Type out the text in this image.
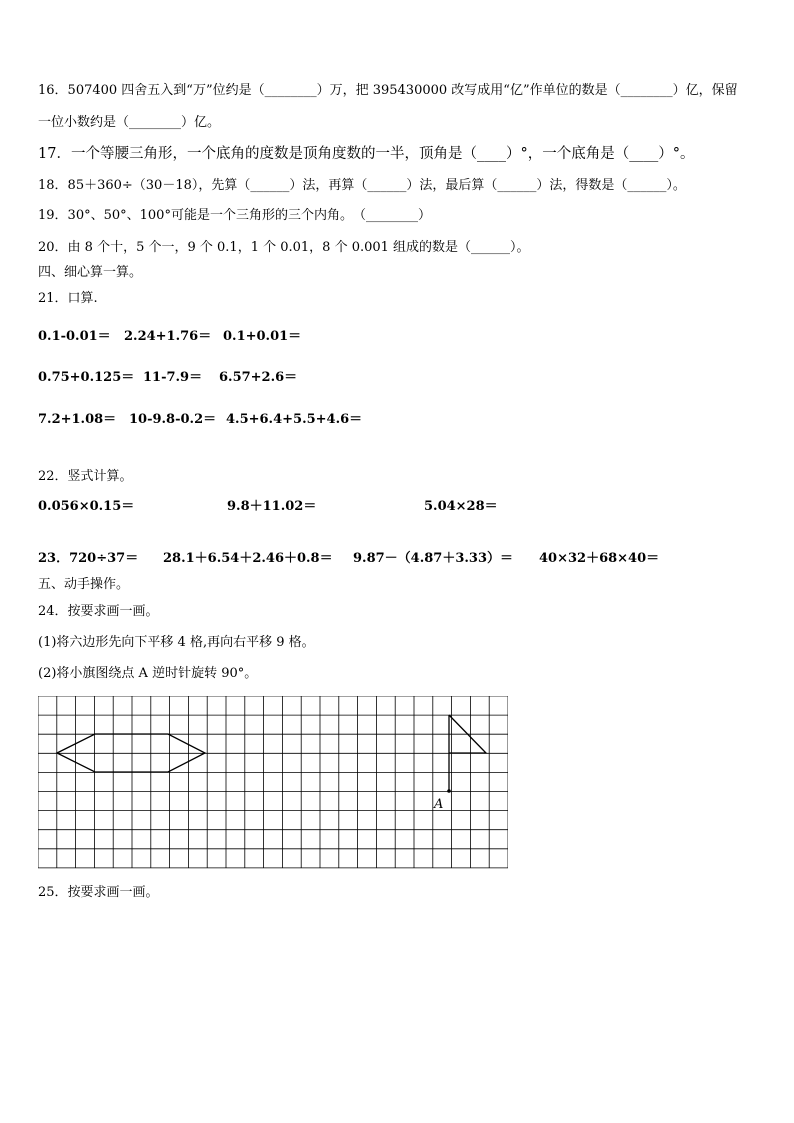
16．507400 四舍五入到“万”位约是（________）万，把 395430000 改写成用“亿”作单位的数是（________）亿，保留
一位小数约是（________）亿。
17．一个等腰三角形，一个底角的度数是顶角度数的一半，顶角是（____）°，一个底角是（____）°。
18．85＋360÷（30－18），先算（______）法，再算（______）法，最后算（______）法，得数是（______）。
19．30°、50°、100°可能是一个三角形的三个内角。　（________）
20．由 8 个十，5 个一，9 个 0.1，1 个 0.01，8 个 0.001 组成的数是（______）。
四、细心算一算。
21．口算.
0.1-0.01＝ 2.24+1.76＝ 0.1+0.01＝
0.75+0.125＝ 11-7.9＝ 6.57+2.6＝
7.2+1.08＝ 10-9.8-0.2＝ 4.5+6.4+5.5+4.6＝
22．竖式计算。
0.056×0.15＝	9.8＋11.02＝	5.04×28＝
23．720÷37＝ 28.1＋6.54＋2.46＋0.8＝ 9.87－（4.87＋3.33）＝ 40×32＋68×40＝
五、动手操作。
24．按要求画一画。
(1)将六边形先向下平移 4 格,再向右平移 9 格。
(2)将小旗图绕点 A 逆时针旋转 90°。
A
25．按要求画一画。
